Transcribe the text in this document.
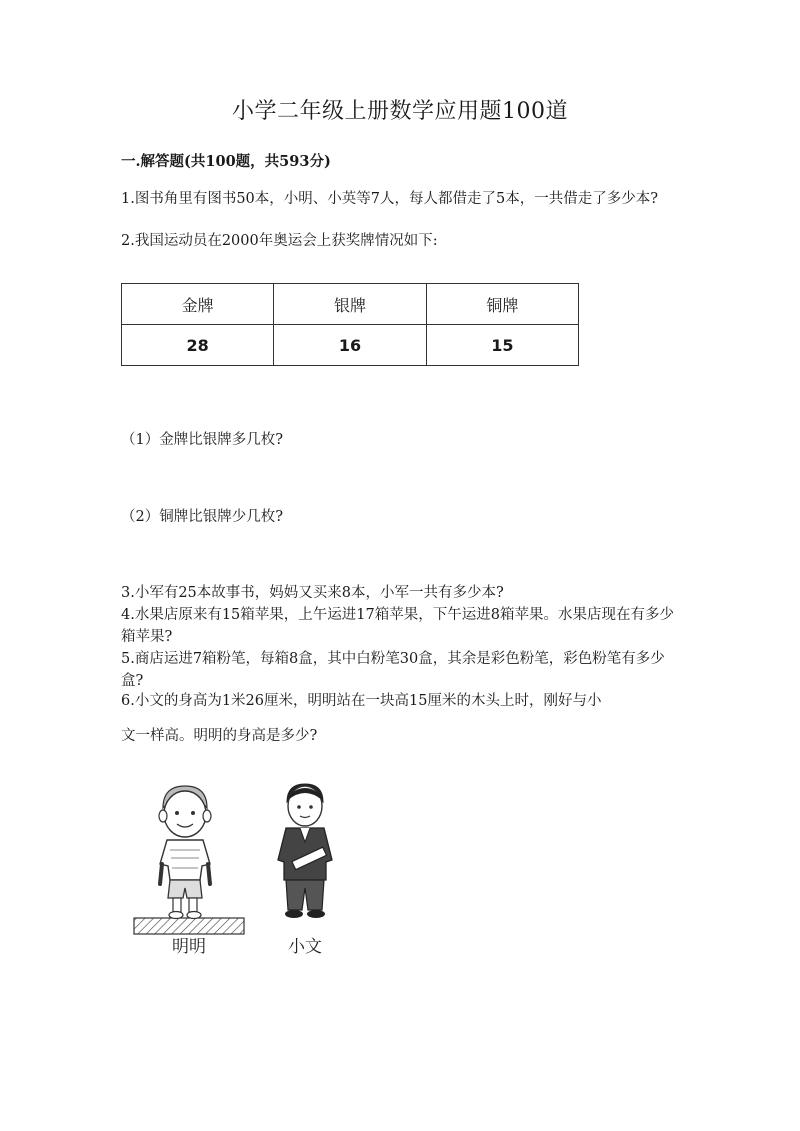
小学二年级上册数学应用题100道
一.解答题(共100题，共593分)
1.图书角里有图书50本，小明、小英等7人，每人都借走了5本，一共借走了多少本?
2.我国运动员在2000年奥运会上获奖牌情况如下:
金牌	银牌	铜牌
28	16	15
（1）金牌比银牌多几枚?
（2）铜牌比银牌少几枚?
3.小军有25本故事书，妈妈又买来8本，小军一共有多少本?
4.水果店原来有15箱苹果，上午运进17箱苹果，下午运进8箱苹果。水果店现在有多少箱苹果?
5.商店运进7箱粉笔，每箱8盒，其中白粉笔30盒，其余是彩色粉笔，彩色粉笔有多少盒?
6.小文的身高为1米26厘米，明明站在一块高15厘米的木头上时，刚好与小
文一样高。明明的身高是多少?
明明	小文
